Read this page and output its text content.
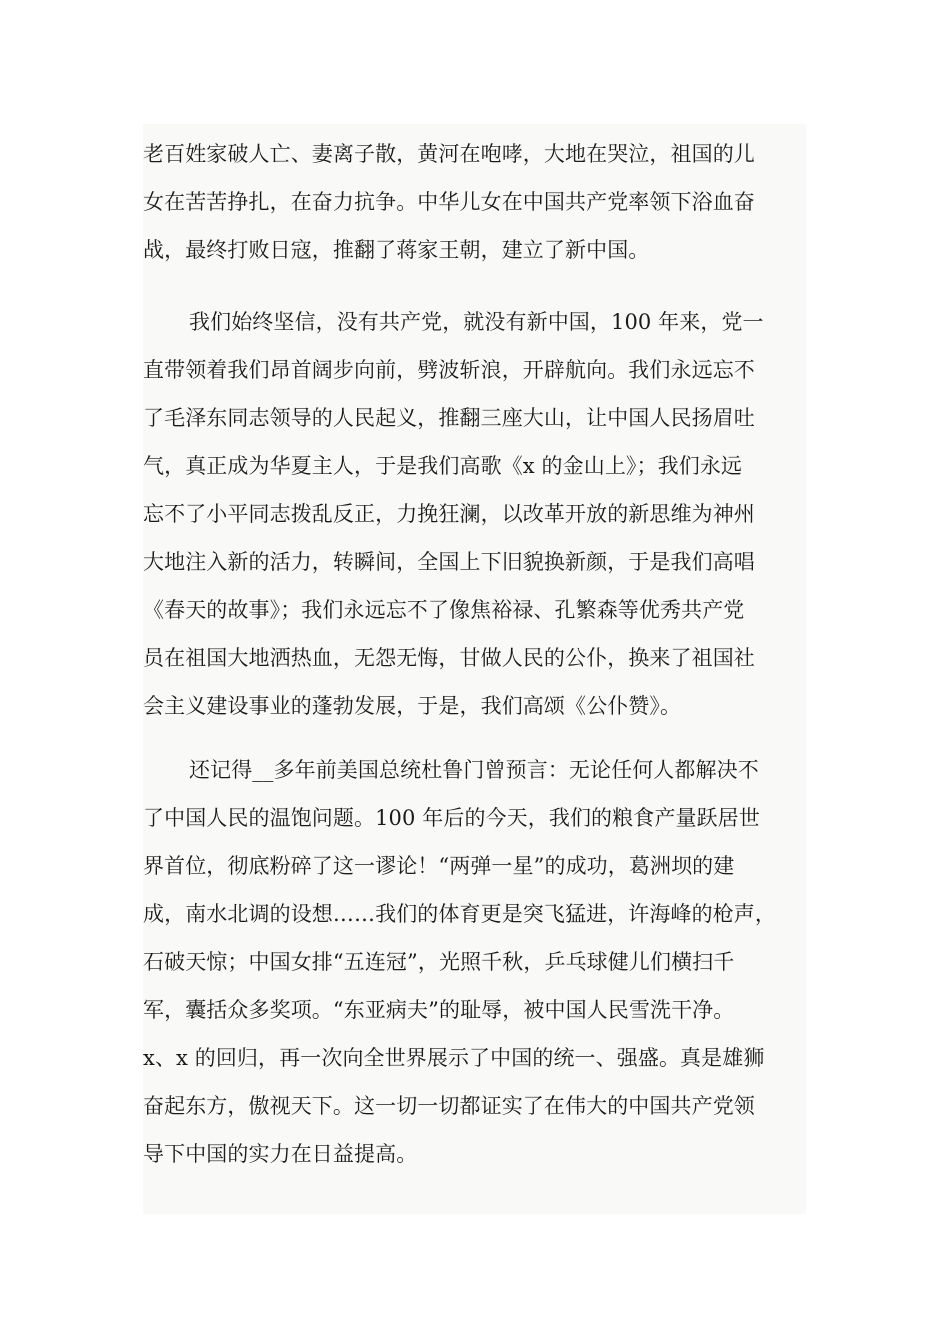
老百姓家破人亡、妻离子散，黄河在咆哮，大地在哭泣，祖国的儿
女在苦苦挣扎，在奋力抗争。中华儿女在中国共产党率领下浴血奋
战，最终打败日寇，推翻了蒋家王朝，建立了新中国。
我们始终坚信，没有共产党，就没有新中国，100 年来，党一
直带领着我们昂首阔步向前，劈波斩浪，开辟航向。我们永远忘不
了毛泽东同志领导的人民起义，推翻三座大山，让中国人民扬眉吐
气，真正成为华夏主人，于是我们高歌《x 的金山上》；我们永远
忘不了小平同志拨乱反正，力挽狂澜，以改革开放的新思维为神州
大地注入新的活力，转瞬间，全国上下旧貌换新颜，于是我们高唱
《春天的故事》；我们永远忘不了像焦裕禄、孔繁森等优秀共产党
员在祖国大地洒热血，无怨无悔，甘做人民的公仆，换来了祖国社
会主义建设事业的蓬勃发展，于是，我们高颂《公仆赞》。
还记得__多年前美国总统杜鲁门曾预言：无论任何人都解决不
了中国人民的温饱问题。100 年后的今天，我们的粮食产量跃居世
界首位，彻底粉碎了这一谬论！“两弹一星”的成功，葛洲坝的建
成，南水北调的设想……我们的体育更是突飞猛进，许海峰的枪声，
石破天惊；中国女排“五连冠”，光照千秋，乒乓球健儿们横扫千
军，囊括众多奖项。“东亚病夫”的耻辱，被中国人民雪洗干净。
x、x 的回归，再一次向全世界展示了中国的统一、强盛。真是雄狮
奋起东方，傲视天下。这一切一切都证实了在伟大的中国共产党领
导下中国的实力在日益提高。
